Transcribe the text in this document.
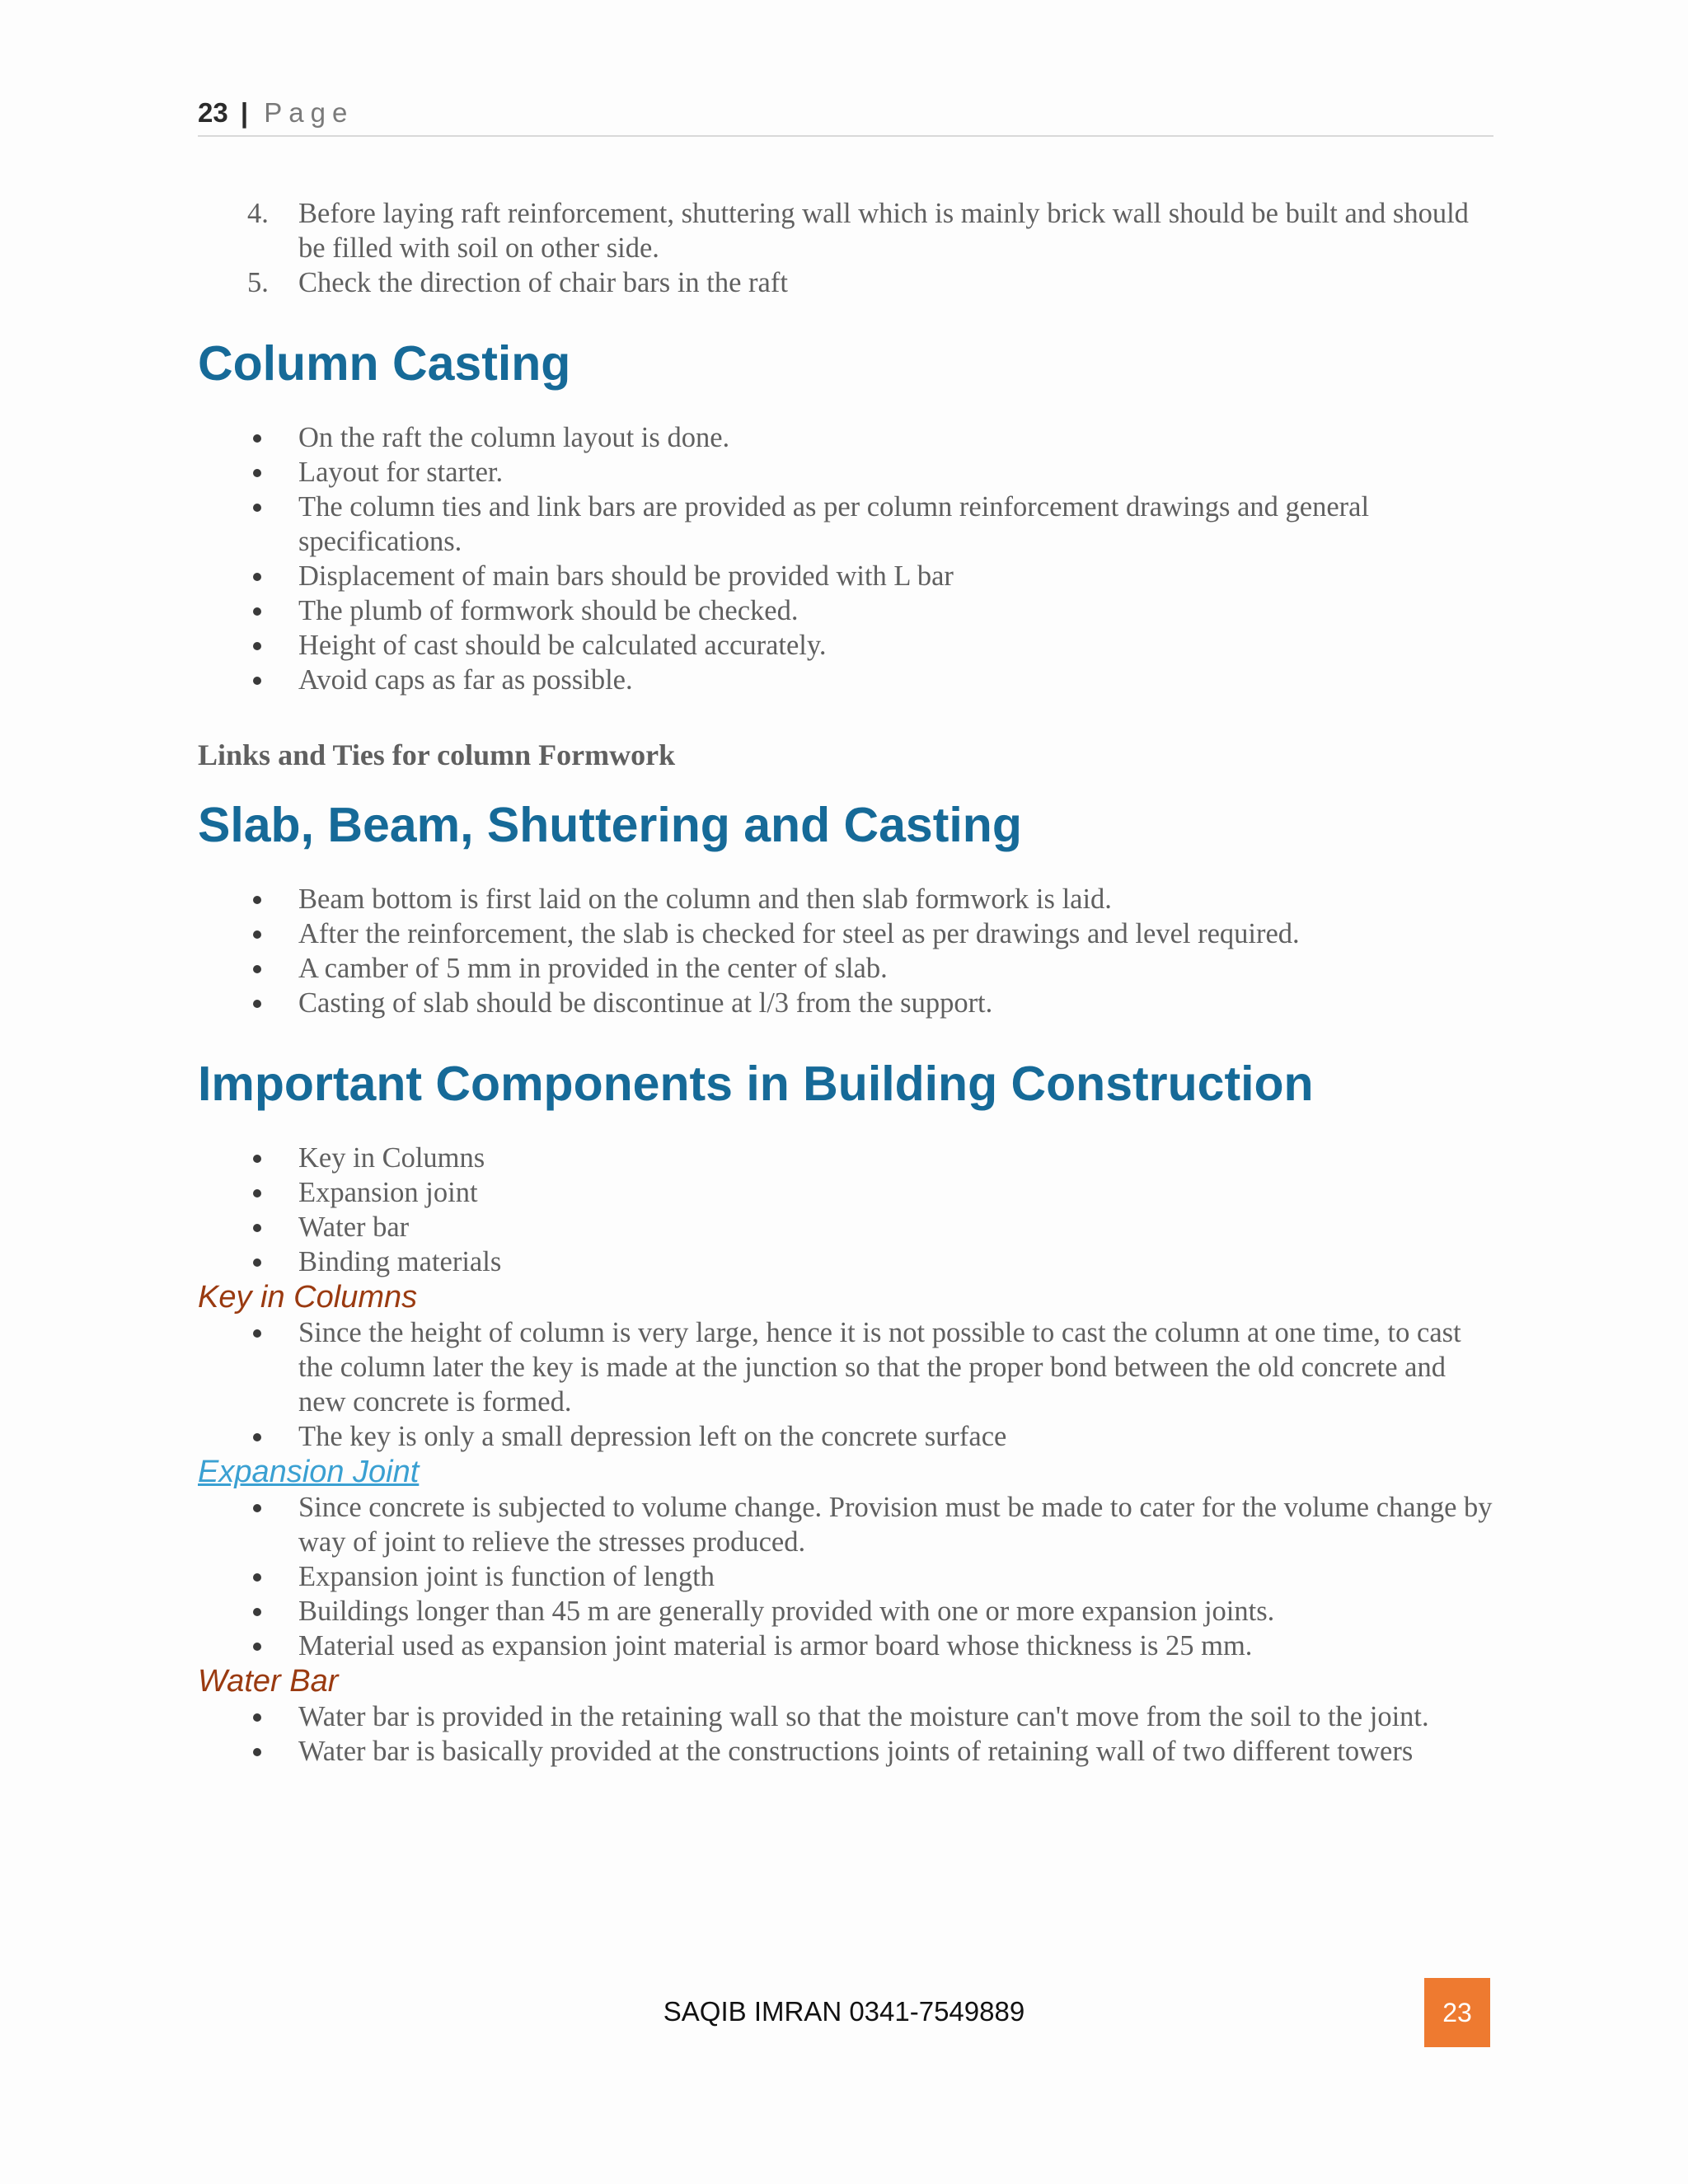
23 | Page
4. Before laying raft reinforcement, shuttering wall which is mainly brick wall should be built and should be filled with soil on other side.
5. Check the direction of chair bars in the raft
Column Casting
On the raft the column layout is done.
Layout for starter.
The column ties and link bars are provided as per column reinforcement drawings and general specifications.
Displacement of main bars should be provided with L bar
The plumb of formwork should be checked.
Height of cast should be calculated accurately.
Avoid caps as far as possible.
Links and Ties for column Formwork
Slab, Beam, Shuttering and Casting
Beam bottom is first laid on the column and then slab formwork is laid.
After the reinforcement, the slab is checked for steel as per drawings and level required.
A camber of 5 mm in provided in the center of slab.
Casting of slab should be discontinue at l/3 from the support.
Important Components in Building Construction
Key in Columns
Expansion joint
Water bar
Binding materials
Key in Columns
Since the height of column is very large, hence it is not possible to cast the column at one time, to cast the column later the key is made at the junction so that the proper bond between the old concrete and new concrete is formed.
The key is only a small depression left on the concrete surface
Expansion Joint
Since concrete is subjected to volume change. Provision must be made to cater for the volume change by way of joint to relieve the stresses produced.
Expansion joint is function of length
Buildings longer than 45 m are generally provided with one or more expansion joints.
Material used as expansion joint material is armor board whose thickness is 25 mm.
Water Bar
Water bar is provided in the retaining wall so that the moisture can't move from the soil to the joint.
Water bar is basically provided at the constructions joints of retaining wall of two different towers
SAQIB IMRAN 0341-7549889	23
